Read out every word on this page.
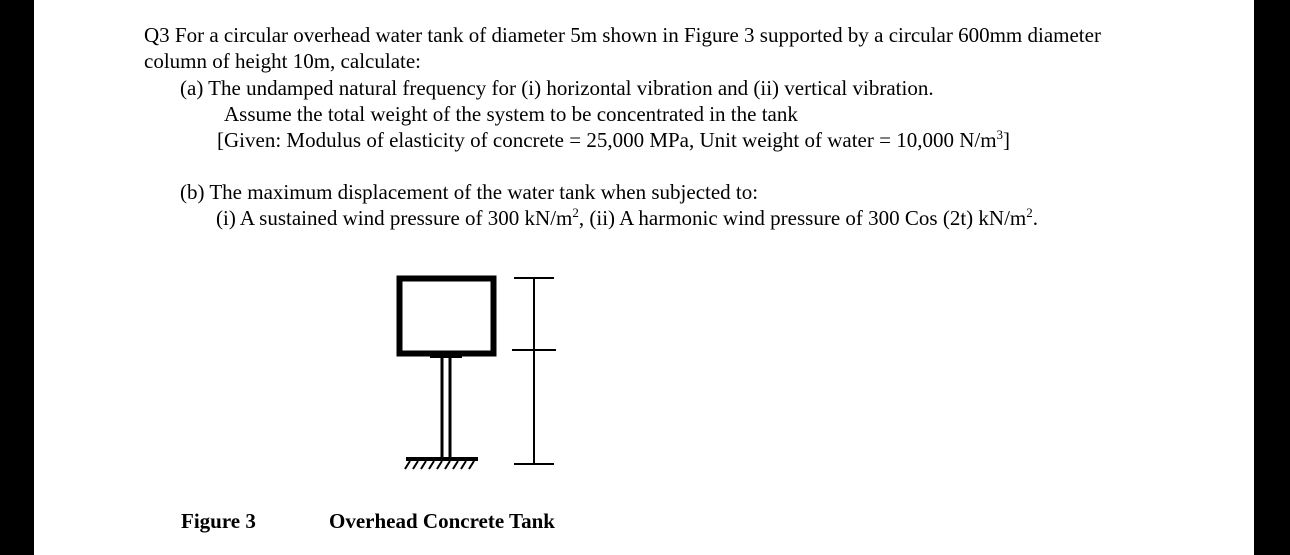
Q3 For a circular overhead water tank of diameter 5m shown in Figure 3 supported by a circular 600mm diameter
column of height 10m, calculate:
(a) The undamped natural frequency for (i) horizontal vibration and (ii) vertical vibration.
Assume the total weight of the system to be concentrated in the tank
[Given: Modulus of elasticity of concrete = 25,000 MPa, Unit weight of water = 10,000 $N/m^3$]
(b) The maximum displacement of the water tank when subjected to:
(i) A sustained wind pressure of 300 $kN/m^2$, (ii) A harmonic wind pressure of 300 Cos (2t) $kN/m^2$.
Figure 3	Overhead Concrete Tank
